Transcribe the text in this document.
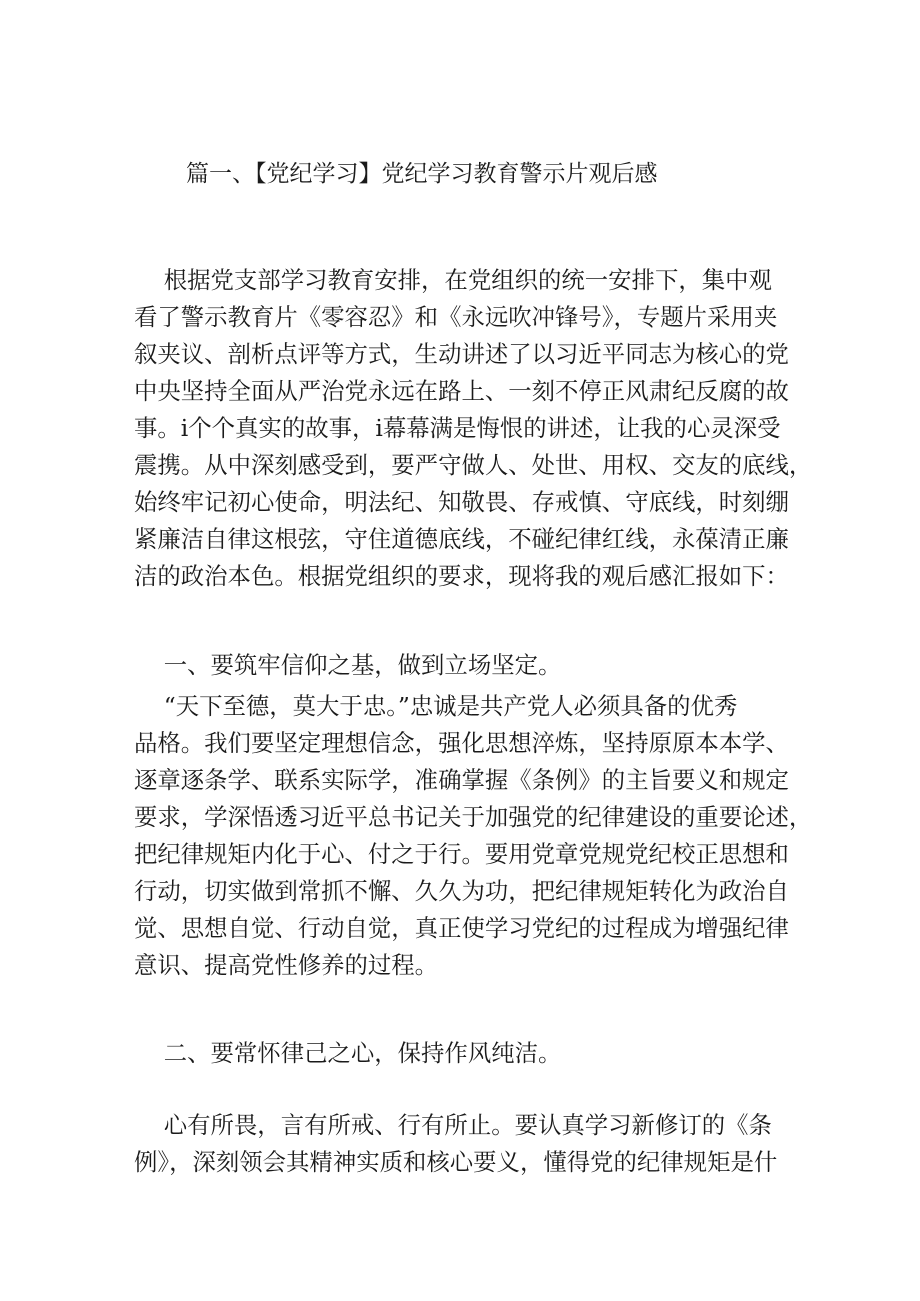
篇一、【党纪学习】党纪学习教育警示片观后感
根据党支部学习教育安排，在党组织的统一安排下，集中观
看了警示教育片《零容忍》和《永远吹冲锋号》，专题片采用夹
叙夹议、剖析点评等方式，生动讲述了以习近平同志为核心的党
中央坚持全面从严治党永远在路上、一刻不停正风肃纪反腐的故
事。i个个真实的故事，i幕幕满是悔恨的讲述，让我的心灵深受
震携。从中深刻感受到，要严守做人、处世、用权、交友的底线，
始终牢记初心使命，明法纪、知敬畏、存戒慎、守底线，时刻绷
紧廉洁自律这根弦，守住道德底线，不碰纪律红线，永葆清正廉
洁的政治本色。根据党组织的要求，现将我的观后感汇报如下：

一、要筑牢信仰之基，做到立场坚定。

“天下至德，莫大于忠。”忠诚是共产党人必须具备的优秀
品格。我们要坚定理想信念，强化思想淬炼，坚持原原本本学、
逐章逐条学、联系实际学，准确掌握《条例》的主旨要义和规定
要求，学深悟透习近平总书记关于加强党的纪律建设的重要论述，
把纪律规矩内化于心、付之于行。要用党章党规党纪校正思想和
行动，切实做到常抓不懈、久久为功，把纪律规矩转化为政治自
觉、思想自觉、行动自觉，真正使学习党纪的过程成为增强纪律
意识、提高党性修养的过程。

二、要常怀律己之心，保持作风纯洁。

心有所畏，言有所戒、行有所止。要认真学习新修订的《条
例》，深刻领会其精神实质和核心要义，懂得党的纪律规矩是什
